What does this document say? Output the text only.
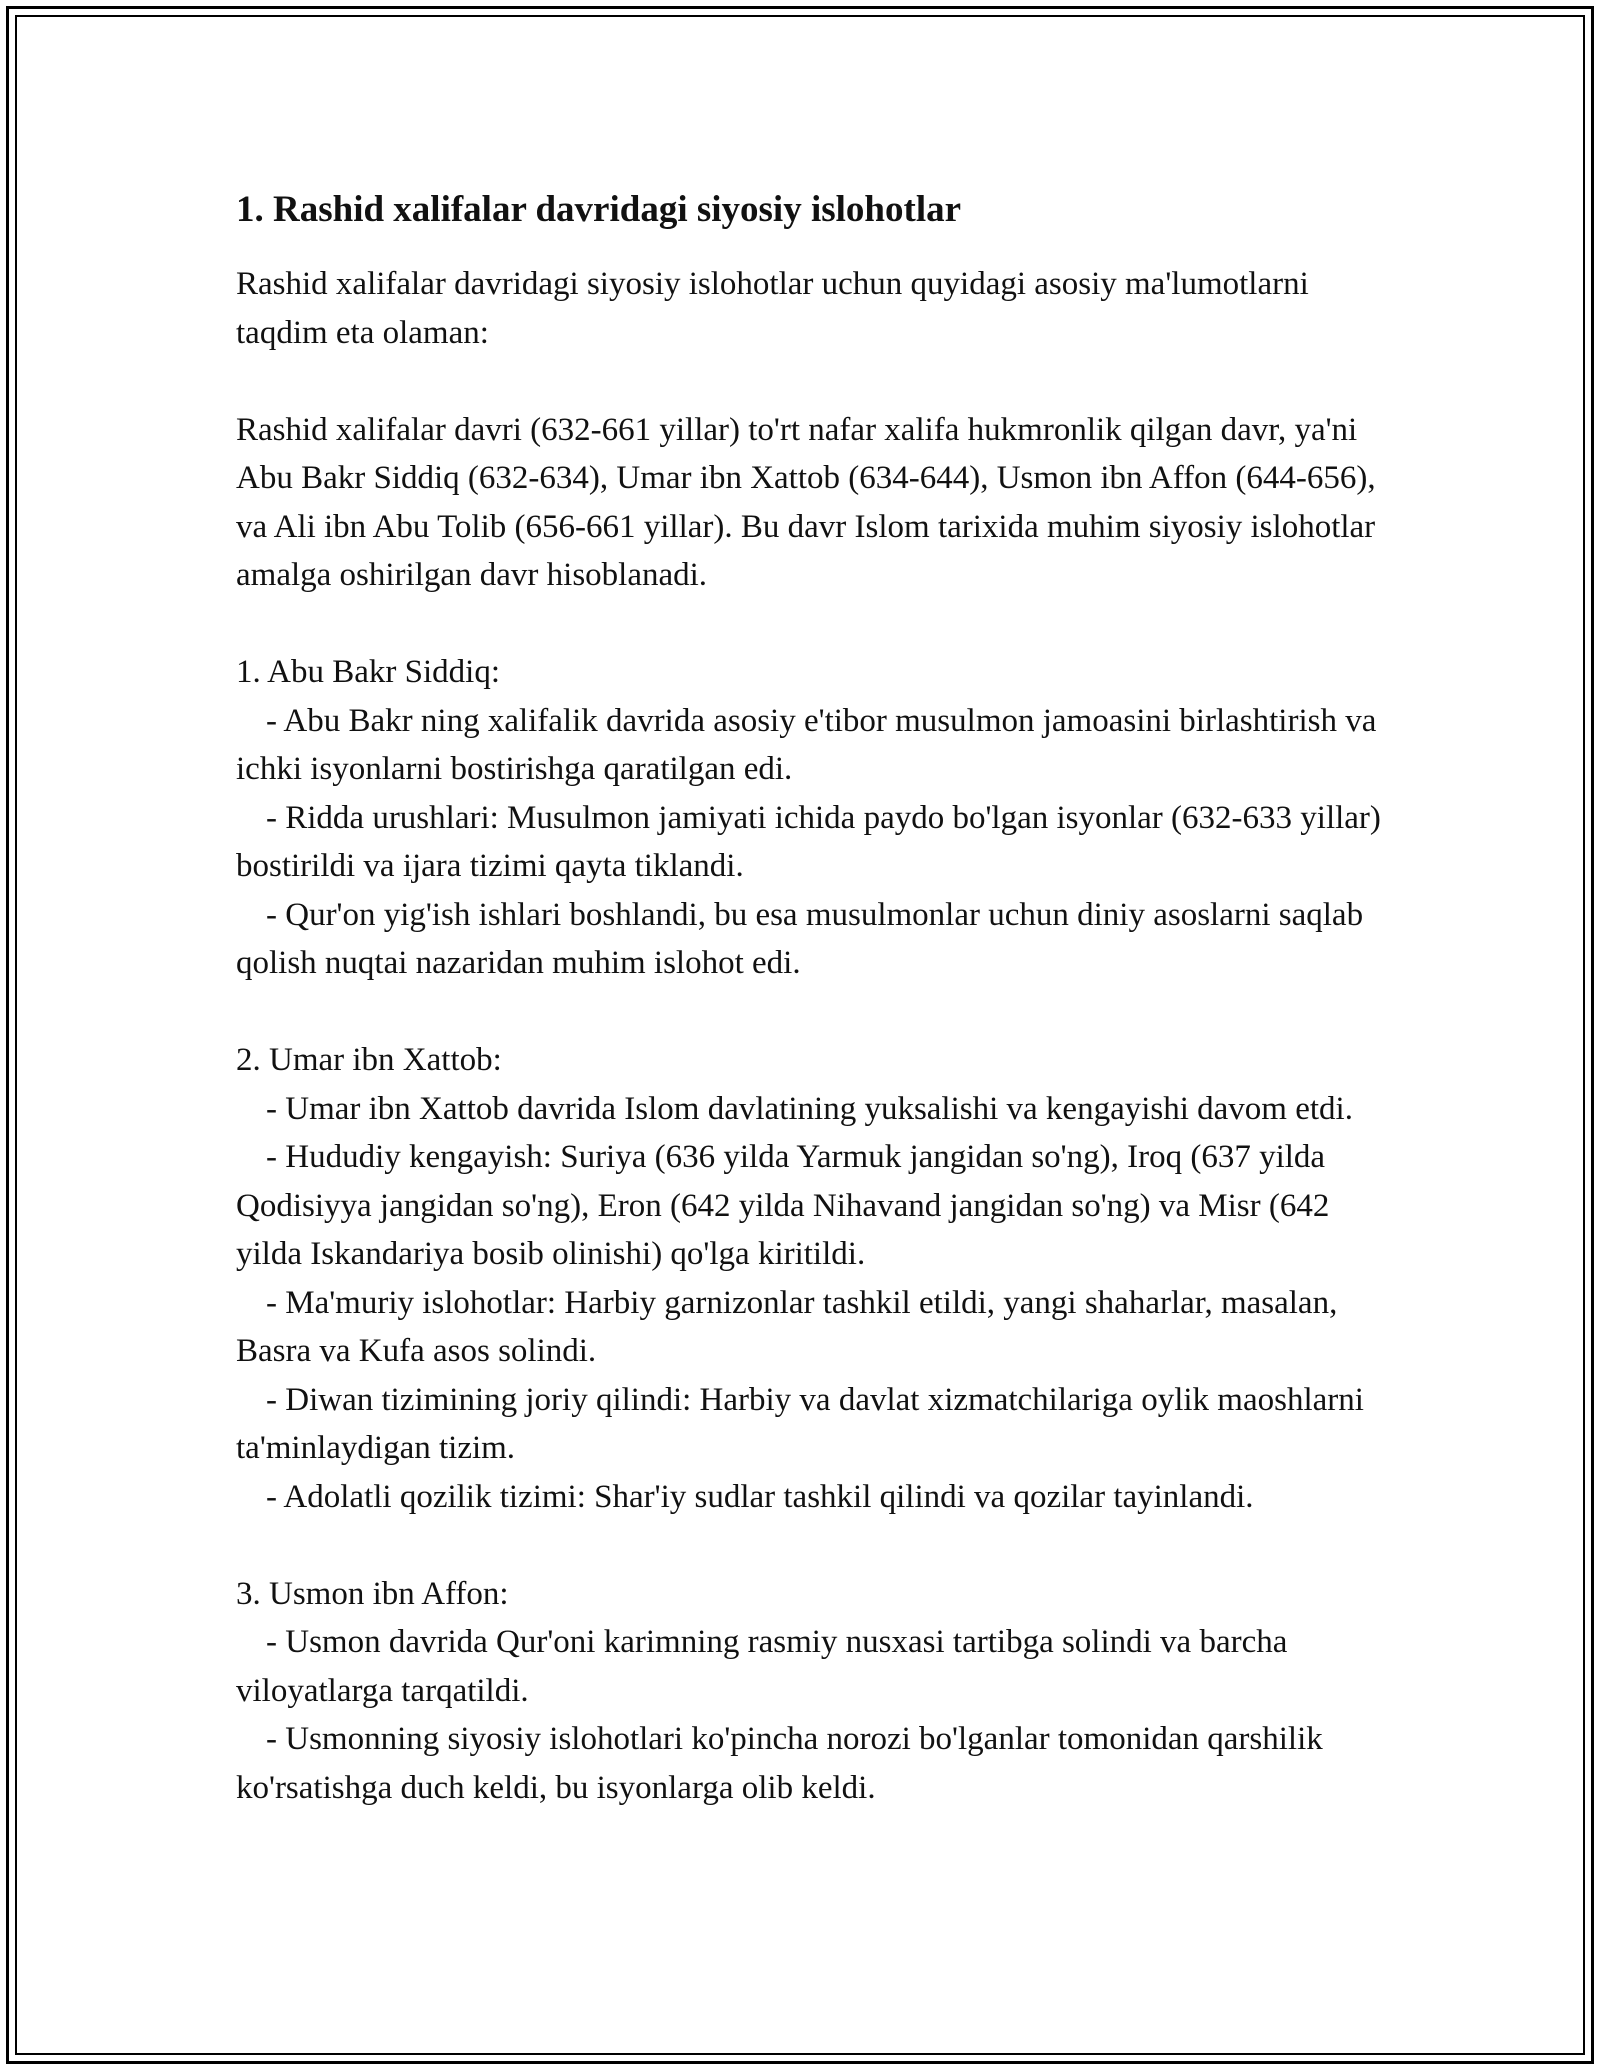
1. Rashid xalifalar davridagi siyosiy islohotlar

Rashid xalifalar davridagi siyosiy islohotlar uchun quyidagi asosiy ma'lumotlarni taqdim eta olaman:

Rashid xalifalar davri (632-661 yillar) to'rt nafar xalifa hukmronlik qilgan davr, ya'ni Abu Bakr Siddiq (632-634), Umar ibn Xattob (634-644), Usmon ibn Affon (644-656), va Ali ibn Abu Tolib (656-661 yillar). Bu davr Islom tarixida muhim siyosiy islohotlar amalga oshirilgan davr hisoblanadi.

1. Abu Bakr Siddiq:

- Abu Bakr ning xalifalik davrida asosiy e'tibor musulmon jamoasini birlashtirish va ichki isyonlarni bostirishga qaratilgan edi.

- Ridda urushlari: Musulmon jamiyati ichida paydo bo'lgan isyonlar (632-633 yillar) bostirildi va ijara tizimi qayta tiklandi.

- Qur'on yig'ish ishlari boshlandi, bu esa musulmonlar uchun diniy asoslarni saqlab qolish nuqtai nazaridan muhim islohot edi.

2. Umar ibn Xattob:

- Umar ibn Xattob davrida Islom davlatining yuksalishi va kengayishi davom etdi.

- Hududiy kengayish: Suriya (636 yilda Yarmuk jangidan so'ng), Iroq (637 yilda Qodisiyya jangidan so'ng), Eron (642 yilda Nihavand jangidan so'ng) va Misr (642 yilda Iskandariya bosib olinishi) qo'lga kiritildi.

- Ma'muriy islohotlar: Harbiy garnizonlar tashkil etildi, yangi shaharlar, masalan, Basra va Kufa asos solindi.

- Diwan tizimining joriy qilindi: Harbiy va davlat xizmatchilariga oylik maoshlarni ta'minlaydigan tizim.

- Adolatli qozilik tizimi: Shar'iy sudlar tashkil qilindi va qozilar tayinlandi.

3. Usmon ibn Affon:

- Usmon davrida Qur'oni karimning rasmiy nusxasi tartibga solindi va barcha viloyatlarga tarqatildi.

- Usmonning siyosiy islohotlari ko'pincha norozi bo'lganlar tomonidan qarshilik ko'rsatishga duch keldi, bu isyonlarga olib keldi.
